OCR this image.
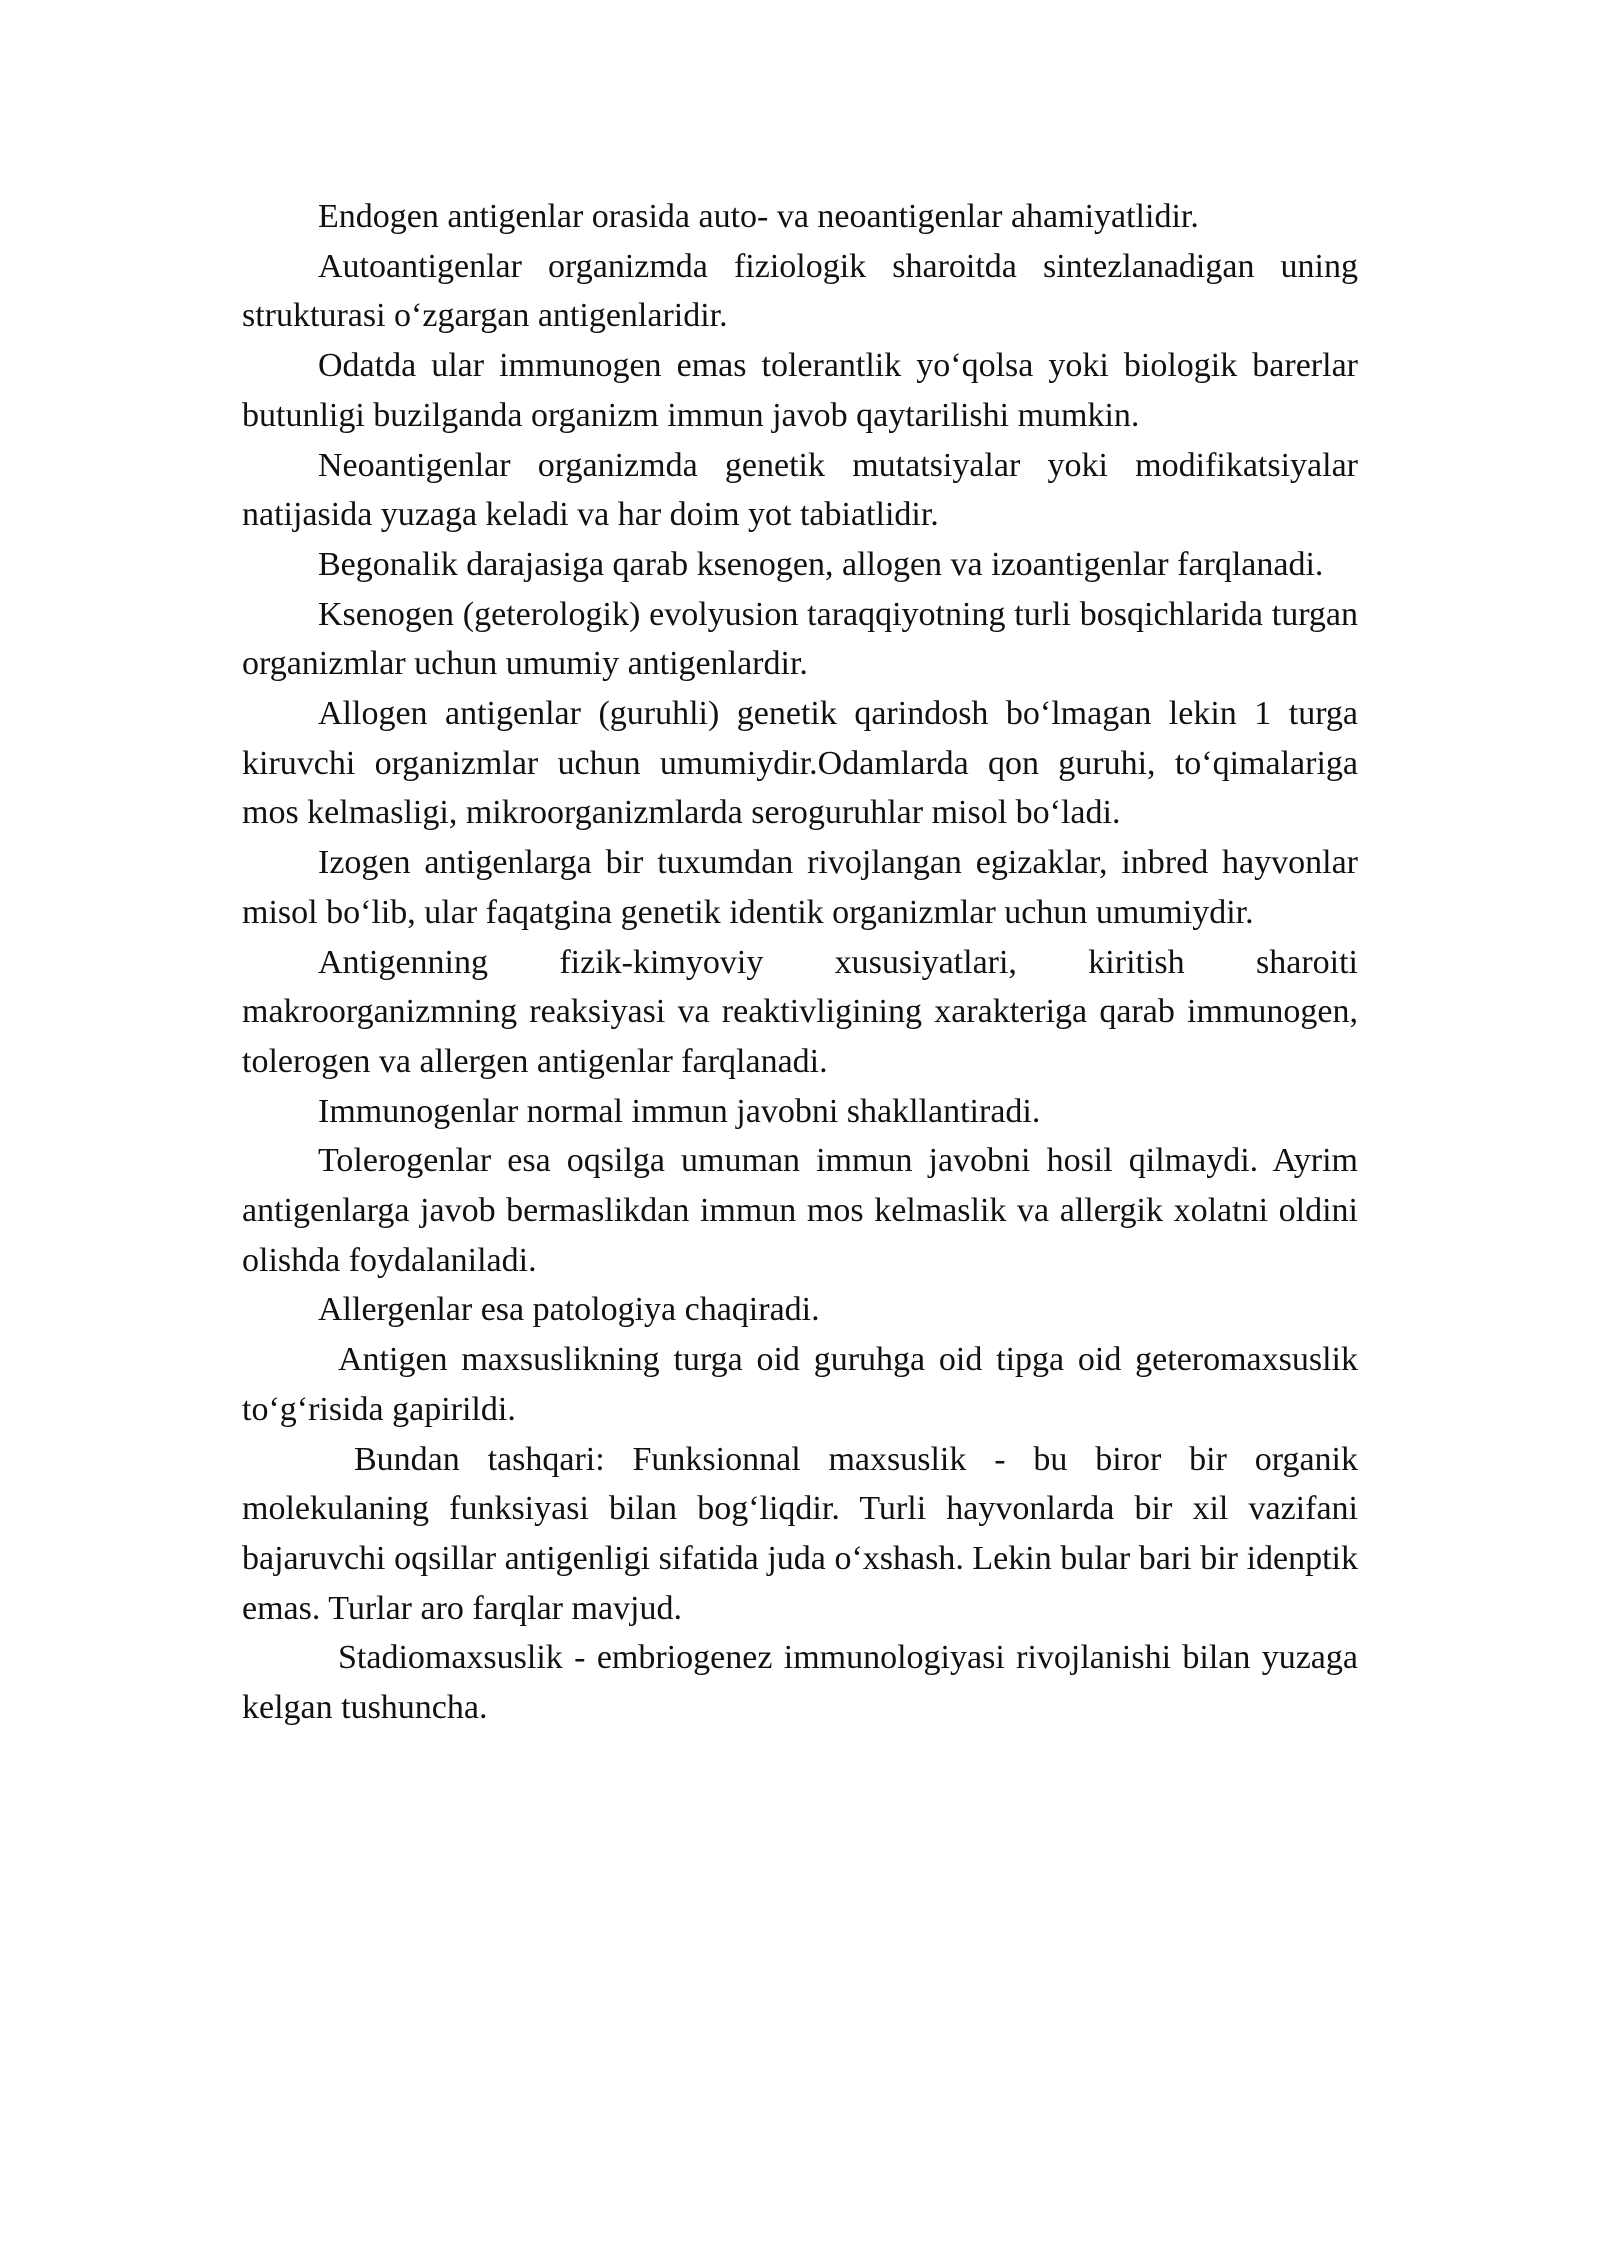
Endogen antigenlar orasida auto- va neoantigenlar ahamiyatlidir.

Autoantigenlar organizmda fiziologik sharoitda sintezlanadigan uning strukturasi o‘zgargan antigenlaridir.

Odatda ular immunogen emas tolerantlik yo‘qolsa yoki biologik barerlar butunligi buzilganda organizm immun javob qaytarilishi mumkin.

Neoantigenlar organizmda genetik mutatsiyalar yoki modifikatsiyalar natijasida yuzaga keladi va har doim yot tabiatlidir.

Begonalik darajasiga qarab ksenogen, allogen va izoantigenlar farqlanadi.

Ksenogen (geterologik) evolyusion taraqqiyotning turli bosqichlarida turgan organizmlar uchun umumiy antigenlardir.

Allogen antigenlar (guruhli) genetik qarindosh bo‘lmagan lekin 1 turga kiruvchi organizmlar uchun umumiydir.Odamlarda qon guruhi, to‘qimalariga mos kelmasligi, mikroorganizmlarda seroguruhlar misol bo‘ladi.

Izogen antigenlarga bir tuxumdan rivojlangan egizaklar, inbred hayvonlar misol bo‘lib, ular faqatgina genetik identik organizmlar uchun umumiydir.

Antigenning fizik-kimyoviy xususiyatlari, kiritish sharoiti makroorganizmning reaksiyasi va reaktivligining xarakteriga qarab immunogen, tolerogen va allergen antigenlar farqlanadi.

Immunogenlar normal immun javobni shakllantiradi.

Tolerogenlar esa oqsilga umuman immun javobni hosil qilmaydi. Ayrim antigenlarga javob bermaslikdan immun mos kelmaslik va allergik xolatni oldini olishda foydalaniladi.

Allergenlar esa patologiya chaqiradi.

Antigen maxsuslikning turga oid guruhga oid tipga oid geteromaxsuslik to‘g‘risida gapirildi.

Bundan tashqari: Funksionnal maxsuslik - bu biror bir organik molekulaning funksiyasi bilan bog‘liqdir. Turli hayvonlarda bir xil vazifani bajaruvchi oqsillar antigenligi sifatida juda o‘xshash. Lekin bular bari bir idenptik emas. Turlar aro farqlar mavjud.

Stadiomaxsuslik - embriogenez immunologiyasi rivojlanishi bilan yuzaga kelgan tushuncha.
